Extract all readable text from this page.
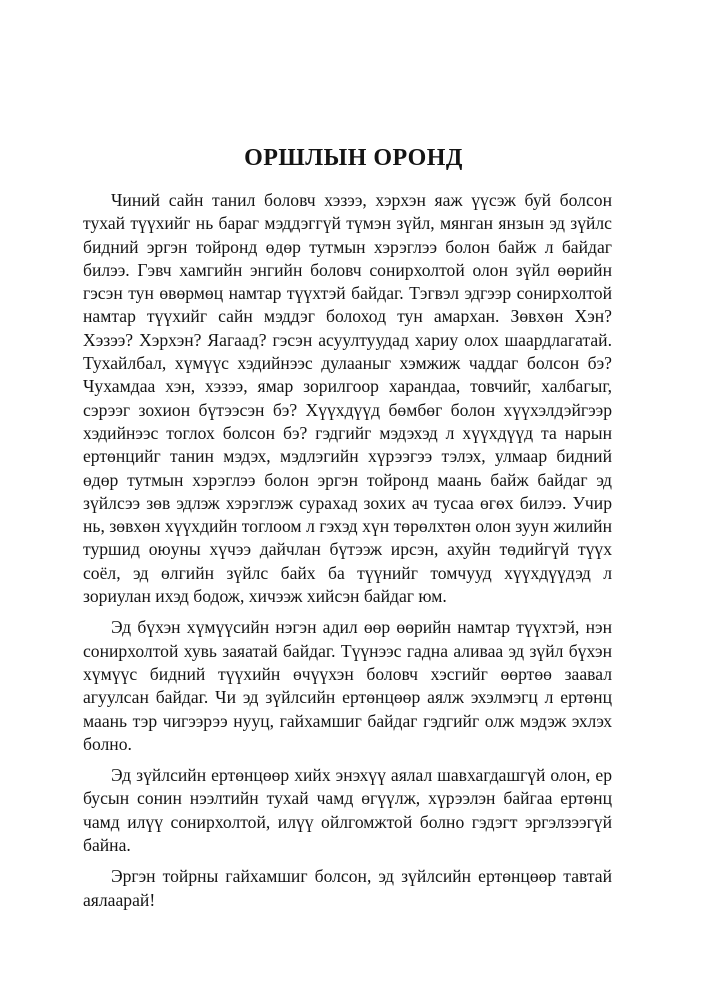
ОРШЛЫН ОРОНД

Чиний сайн танил боловч хэзээ, хэрхэн яаж үүсэж буй болсон тухай түүхийг нь бараг мэддэггүй түмэн зүйл, мянган янзын эд зүйлс бидний эргэн тойронд өдөр тутмын хэрэглээ болон байж л байдаг билээ. Гэвч хамгийн энгийн боловч сонирхолтой олон зүйл өөрийн гэсэн тун өвөрмөц намтар түүхтэй байдаг. Тэгвэл эдгээр сонирхолтой намтар түүхийг сайн мэддэг болоход тун амархан. Зөвхөн Хэн? Хэзээ? Хэрхэн? Яагаад? гэсэн асуултуудад хариу олох шаардлагатай. Тухайлбал, хүмүүс хэдийнээс дулааныг хэмжиж чаддаг болсон бэ? Чухамдаа хэн, хэзээ, ямар зорилгоор харандаа, товчийг, халбагыг, сэрээг зохион бүтээсэн бэ? Хүүхдүүд бөмбөг болон хүүхэлдэйгээр хэдийнээс тоглох болсон бэ? гэдгийг мэдэхэд л хүүхдүүд та нарын ертөнцийг танин мэдэх, мэдлэгийн хүрээгээ тэлэх, улмаар бидний өдөр тутмын хэрэглээ болон эргэн тойронд маань байж байдаг эд зүйлсээ зөв эдлэж хэрэглэж сурахад зохих ач тусаа өгөх билээ. Учир нь, зөвхөн хүүхдийн тоглоом л гэхэд хүн төрөлхтөн олон зуун жилийн туршид оюуны хүчээ дайчлан бүтээж ирсэн, ахуйн төдийгүй түүх соёл, эд өлгийн зүйлс байх ба түүнийг томчууд хүүхдүүдэд л зориулан ихэд бодож, хичээж хийсэн байдаг юм.

Эд бүхэн хүмүүсийн нэгэн адил өөр өөрийн намтар түүхтэй, нэн сонирхолтой хувь заяатай байдаг. Түүнээс гадна аливаа эд зүйл бүхэн хүмүүс бидний түүхийн өчүүхэн боловч хэсгийг өөртөө заавал агуулсан байдаг. Чи эд зүйлсийн ертөнцөөр аялж эхэлмэгц л ертөнц маань тэр чигээрээ нууц, гайхамшиг байдаг гэдгийг олж мэдэж эхлэх болно.

Эд зүйлсийн ертөнцөөр хийх энэхүү аялал шавхагдашгүй олон, ер бусын сонин нээлтийн тухай чамд өгүүлж, хүрээлэн байгаа ертөнц чамд илүү сонирхолтой, илүү ойлгомжтой болно гэдэгт эргэлзээгүй байна.

Эргэн тойрны гайхамшиг болсон, эд зүйлсийн ертөнцөөр тавтай аялаарай!
